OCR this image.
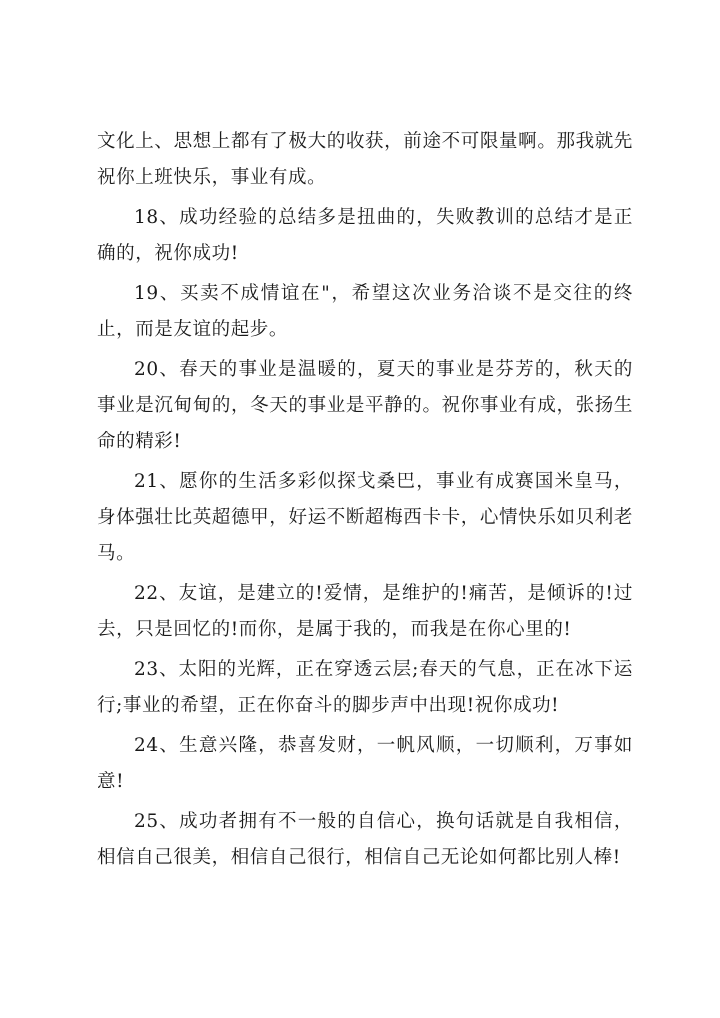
文化上、思想上都有了极大的收获，前途不可限量啊。那我就先祝你上班快乐，事业有成。

18、成功经验的总结多是扭曲的，失败教训的总结才是正确的，祝你成功!

19、买卖不成情谊在"，希望这次业务洽谈不是交往的终止，而是友谊的起步。

20、春天的事业是温暖的，夏天的事业是芬芳的，秋天的事业是沉甸甸的，冬天的事业是平静的。祝你事业有成，张扬生命的精彩!

21、愿你的生活多彩似探戈桑巴，事业有成赛国米皇马，身体强壮比英超德甲，好运不断超梅西卡卡，心情快乐如贝利老马。

22、友谊，是建立的!爱情，是维护的!痛苦，是倾诉的!过去，只是回忆的!而你，是属于我的，而我是在你心里的!

23、太阳的光辉，正在穿透云层;春天的气息，正在冰下运行;事业的希望，正在你奋斗的脚步声中出现!祝你成功!

24、生意兴隆，恭喜发财，一帆风顺，一切顺利，万事如意!

25、成功者拥有不一般的自信心，换句话就是自我相信，相信自己很美，相信自己很行，相信自己无论如何都比别人棒!
